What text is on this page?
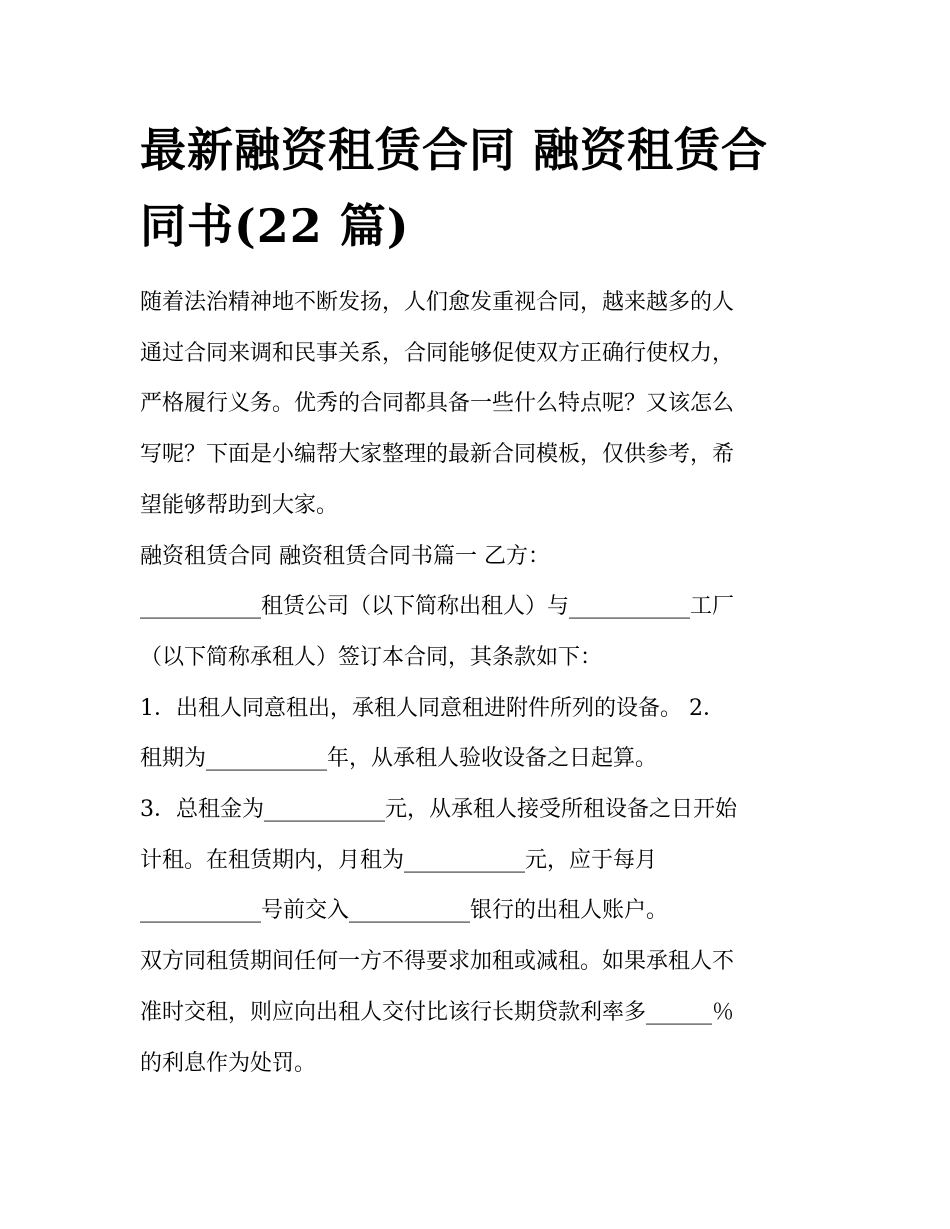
最新融资租赁合同 融资租赁合
同书(22 篇)
随着法治精神地不断发扬，人们愈发重视合同，越来越多的人
通过合同来调和民事关系，合同能够促使双方正确行使权力，
严格履行义务。优秀的合同都具备一些什么特点呢？又该怎么
写呢？下面是小编帮大家整理的最新合同模板，仅供参考，希
望能够帮助到大家。
融资租赁合同 融资租赁合同书篇一 乙方：
___________租赁公司（以下简称出租人）与___________工厂
（以下简称承租人）签订本合同，其条款如下：
1．出租人同意租出，承租人同意租进附件所列的设备。 2．
租期为___________年，从承租人验收设备之日起算。
3．总租金为___________元，从承租人接受所租设备之日开始
计租。在租赁期内，月租为___________元，应于每月
___________号前交入___________银行的出租人账户。
双方同租赁期间任何一方不得要求加租或减租。如果承租人不
准时交租，则应向出租人交付比该行长期贷款利率多______％
的利息作为处罚。
